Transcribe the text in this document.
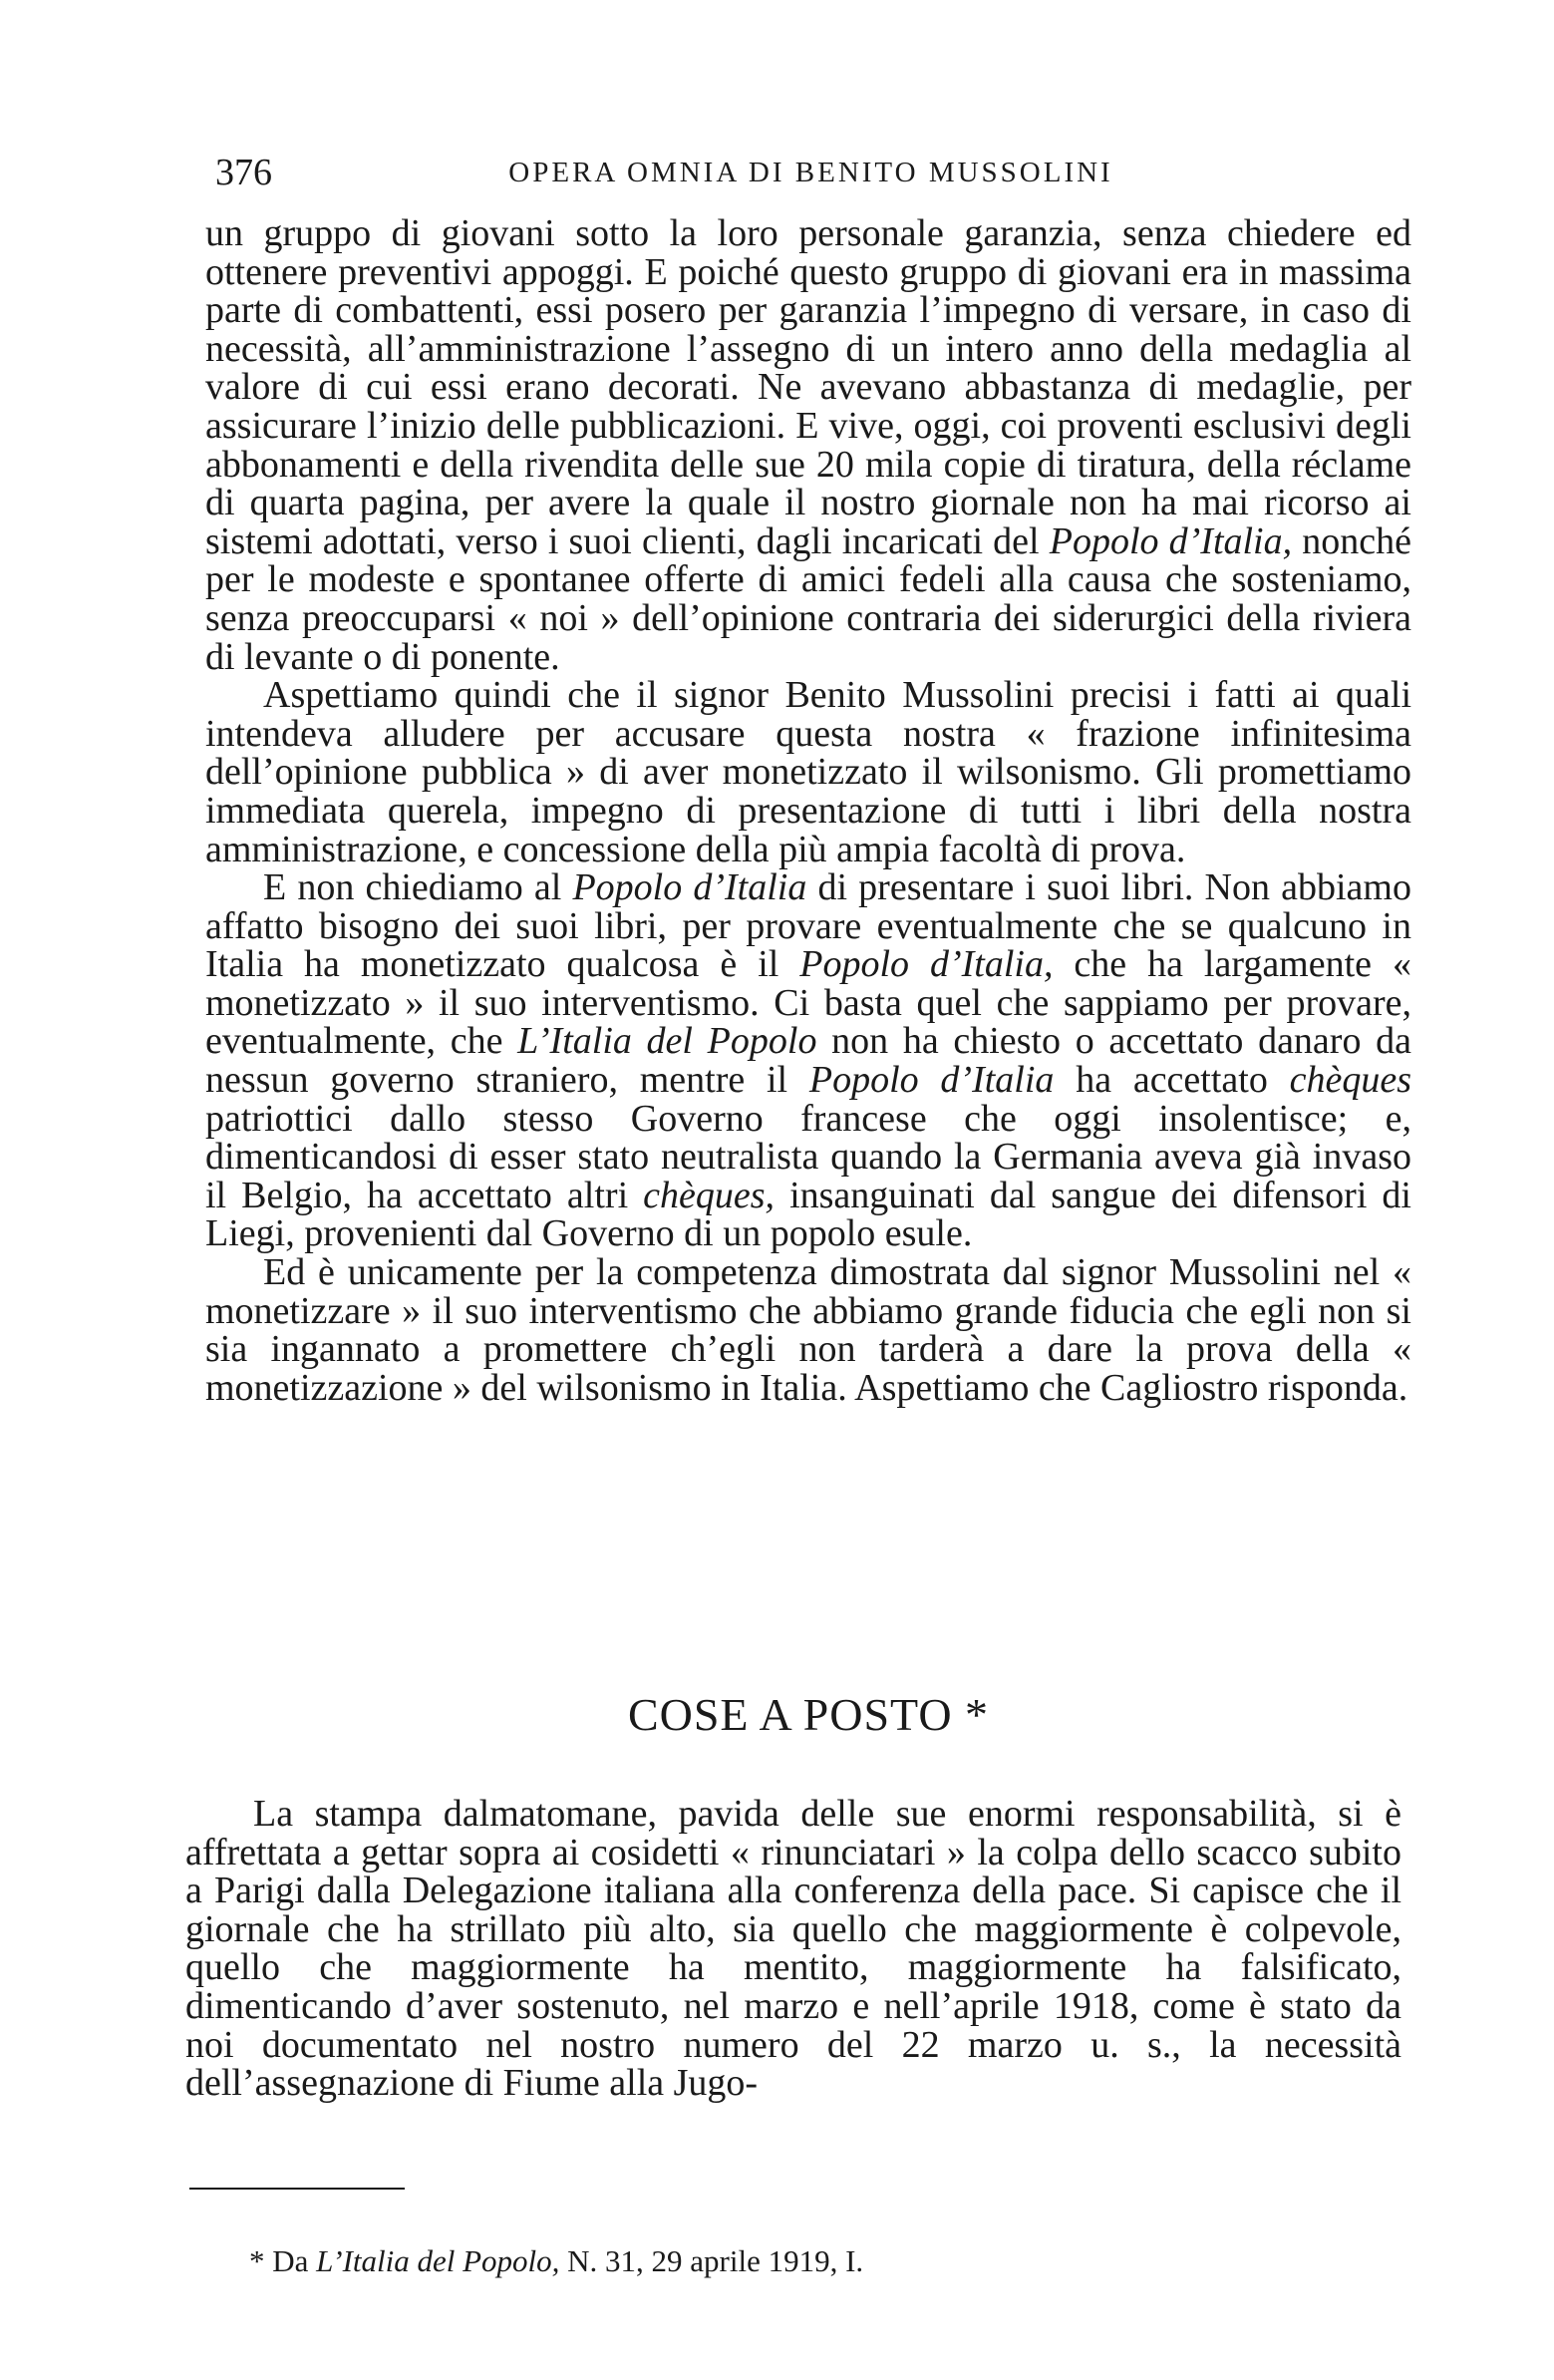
376	OPERA OMNIA DI BENITO MUSSOLINI

un gruppo di giovani sotto la loro personale garanzia, senza chiedere ed ottenere preventivi appoggi. E poiché questo gruppo di giovani era in massima parte di combattenti, essi posero per garanzia l’impegno di versare, in caso di necessità, all’amministrazione l’assegno di un intero anno della medaglia al valore di cui essi erano decorati. Ne avevano abbastanza di medaglie, per assicurare l’inizio delle pubblicazioni. E vive, oggi, coi proventi esclusivi degli abbonamenti e della rivendita delle sue 20 mila copie di tiratura, della réclame di quarta pagina, per avere la quale il nostro giornale non ha mai ricorso ai sistemi adottati, verso i suoi clienti, dagli incaricati del Popolo d’Italia, nonché per le modeste e spontanee offerte di amici fedeli alla causa che sosteniamo, senza preoccuparsi « noi » dell’opinione contraria dei siderurgici della riviera di levante o di ponente.

Aspettiamo quindi che il signor Benito Mussolini precisi i fatti ai quali intendeva alludere per accusare questa nostra « frazione infinitesima dell’opinione pubblica » di aver monetizzato il wilsonismo. Gli promettiamo immediata querela, impegno di presentazione di tutti i libri della nostra amministrazione, e concessione della più ampia facoltà di prova.

E non chiediamo al Popolo d’Italia di presentare i suoi libri. Non abbiamo affatto bisogno dei suoi libri, per provare eventualmente che se qualcuno in Italia ha monetizzato qualcosa è il Popolo d’Italia, che ha largamente « monetizzato » il suo interventismo. Ci basta quel che sappiamo per provare, eventualmente, che L’Italia del Popolo non ha chiesto o accettato danaro da nessun governo straniero, mentre il Popolo d’Italia ha accettato chèques patriottici dallo stesso Governo francese che oggi insolentisce; e, dimenticandosi di esser stato neutralista quando la Germania aveva già invaso il Belgio, ha accettato altri chèques, insanguinati dal sangue dei difensori di Liegi, provenienti dal Governo di un popolo esule.

Ed è unicamente per la competenza dimostrata dal signor Mussolini nel « monetizzare » il suo interventismo che abbiamo grande fiducia che egli non si sia ingannato a promettere ch’egli non tarderà a dare la prova della « monetizzazione » del wilsonismo in Italia. Aspettiamo che Cagliostro risponda.

COSE A POSTO *

La stampa dalmatomane, pavida delle sue enormi responsabilità, si è affrettata a gettar sopra ai cosidetti « rinunciatari » la colpa dello scacco subito a Parigi dalla Delegazione italiana alla conferenza della pace. Si capisce che il giornale che ha strillato più alto, sia quello che maggiormente è colpevole, quello che maggiormente ha mentito, maggiormente ha falsificato, dimenticando d’aver sostenuto, nel marzo e nell’aprile 1918, come è stato da noi documentato nel nostro numero del 22 marzo u. s., la necessità dell’assegnazione di Fiume alla Jugo-

* Da L’Italia del Popolo, N. 31, 29 aprile 1919, I.
